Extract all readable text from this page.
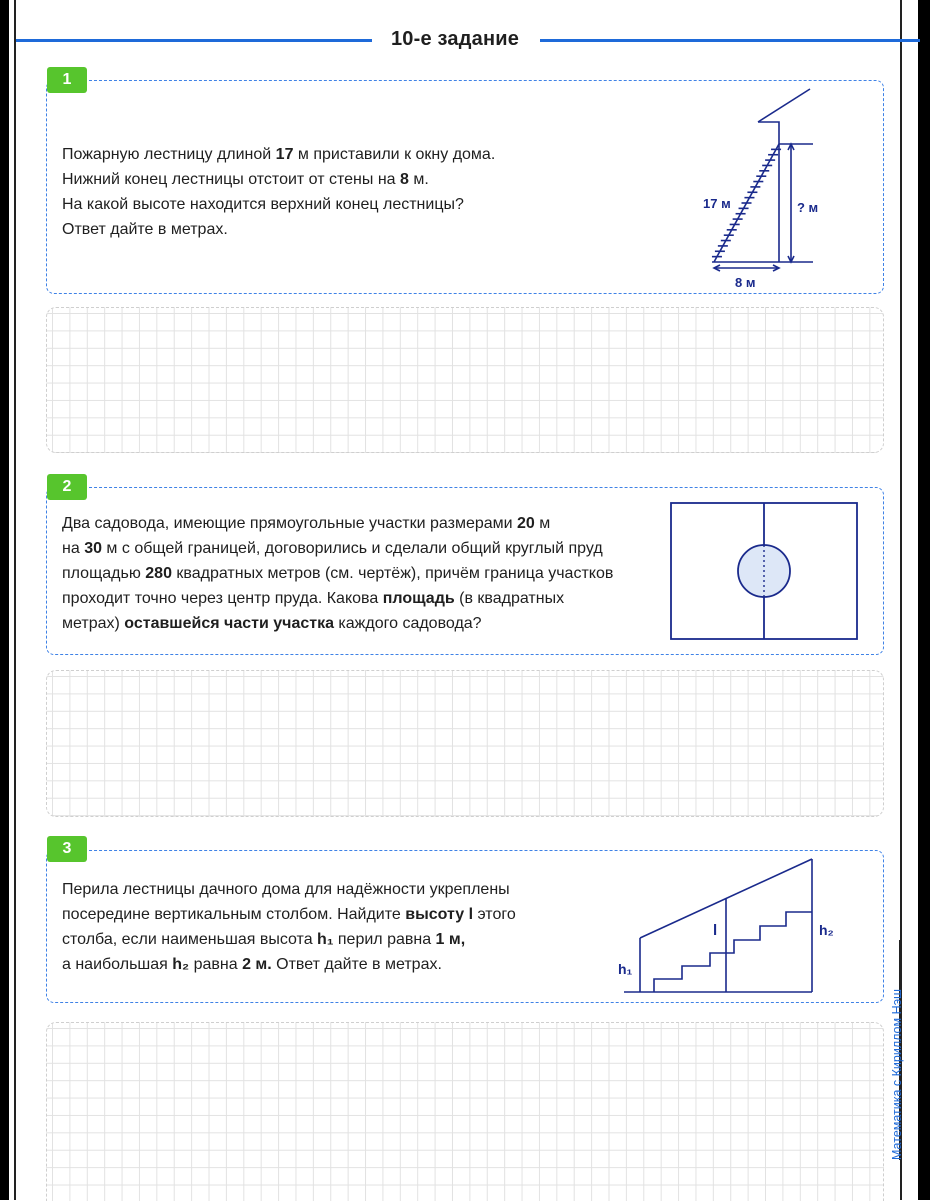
10-е задание
1

Пожарную лестницу длиной 17 м приставили к окну дома.

Нижний конец лестницы отстоит от стены на 8 м.

На какой высоте находится верхний конец лестницы?

Ответ дайте в метрах.

17 м	? м
8 м
2

Два садовода, имеющие прямоугольные участки размерами 20 м

на 30 м с общей границей, договорились и сделали общий круглый пруд

площадью 280 квадратных метров (см. чертёж), причём граница участков

проходит точно через центр пруда. Какова площадь (в квадратных

метрах) оставшейся части участка каждого садовода?

3

Перила лестницы дачного дома для надёжности укреплены

посередине вертикальным столбом. Найдите высоту l этого

столба, если наименьшая высота h₁ перил равна 1 м,

а наибольшая h₂ равна 2 м. Ответ дайте в метрах.

l
h₁
h₂
Математика с Кириллом Нэш
